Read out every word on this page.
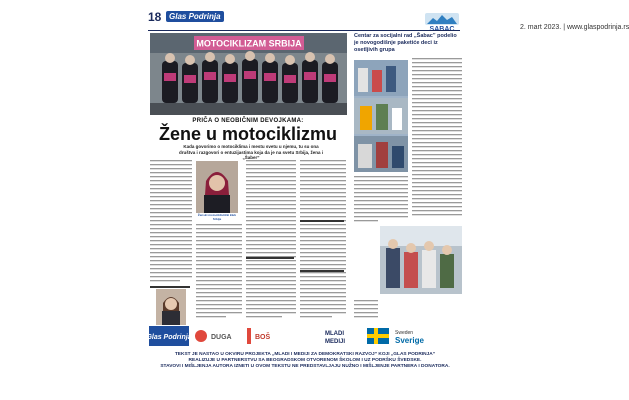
18 Glas Podrinja
2. mart 2023. | www.glaspodrinja.rs
MOTOCIKLIZAM SRBIJA
PRIČA O NEOBIČNIM DEVOJKAMA:
Žene u motociklizmu
Kada govorimo o motociklima i mestu svetu u njemu, tu su ona društva i razgovori o entuzijastima koja da je na svetu Srbija, žena i „Šaber”
Ženski motociklistički klub Srbija
Centar za socijalni rad „Šabac” podelio je novogodišnje paketiće deci iz osetljivih grupa
Glas Podrinja	DUGA	BOŠ	MLADI
MEDIJI
Sweden
Sverige
TEKST JE NASTAO U OKVIRU PROJEKTA „MLADI I MEDIJI ZA DEMOKRATSKI RAZVOJ” KOJI „GLAS PODRINJA”
REALIZUJE U PARTNERSTVU SA BEOGRADSKOM OTVORENOM ŠKOLOM I UZ PODRŠKU ŠVEDSKE.
STAVOVI I MIŠLJENJA AUTORA IZNETI U OVOM TEKSTU NE PREDSTAVLJAJU NUŽNO I MIŠLJENJE PARTNERA I DONATORA.
